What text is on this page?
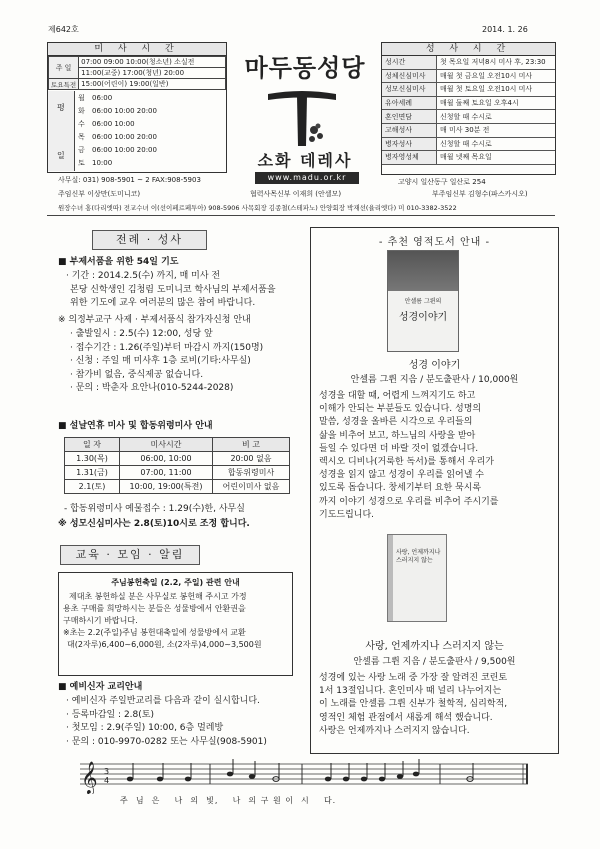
제642호	2014. 1. 26
미 사 시 간
주 일	07:00 09:00 10:00(청소년) 소실전
	11:00(교중) 17:00(청년) 20:00
토요특전	15:00(어린이) 19:00(일반)
평
일
월 06:00
화 06:00 10:00 20:00
수 06:00 10:00
목 06:00 10:00 20:00
금 06:00 10:00 20:00
토 10:00
마두동성당
소화 데레사
www.madu.or.kr
성 사 시 간
성시간	첫 목요일 저녁8시 미사 후, 23:30
성체신심미사	매월 첫 금요일 오전10시 미사
성모신심미사	매월 첫 토요일 오전10시 미사
유아세례	매월 둘째 토요일 오후4시
혼인면담	신청할 때 수시로
고해성사	매 미사 30분 전
병자성사	신청할 때 수시로
병자영성체	매월 넷째 목요일
사무실: 031) 908-5901 ~ 2 FAX:908-5903	고양시 일산동구 일산로 254
주임신부 이상만(도미니코)	협력사목신부 이재희 (안셀모)	부주임신부 김형수(파스카시오)
원장수녀 홍(다리엣따) 전교수녀 이(선이페르페투아) 908-5906 사목회장 김종철(스테파노) 안양회장 박재선(율리엣다) 미 010-3382-3522
전례 · 성사
■ 부제서품을 위한 54일 기도
· 기간 : 2014.2.5(수) 까지, 매 미사 전
본당 신학생인 김청림 도미니코 학사님의 부제서품을
위한 기도에 교우 여러분의 많은 참여 바랍니다.
※ 의정부교구 사제 · 부제서품식 참가자신청 안내
· 출발일시 : 2.5(수) 12:00, 성당 앞
· 접수기간 : 1.26(주일)부터 마감시 까지(150명)
· 신청 : 주일 매 미사후 1층 로비(기타:사무실)
· 참가비 없음, 중식제공 없습니다.
· 문의 : 박춘자 요안나(010-5244-2028)
■ 설날연휴 미사 및 합동위령미사 안내
일 자	미사시간	비 고
1.30(목)	06:00, 10:00	20:00 없음
1.31(금)	07:00, 11:00	합동위령미사
2.1(토)	10:00, 19:00(특전)	어린이미사 없음
- 합동위령미사 예물접수 : 1.29(수)한, 사무실
※ 성모신심미사는 2.8(토)10시로 조정 합니다.
교육 · 모임 · 알림
주님봉헌축일 (2.2, 주일) 관련 안내
제대초 봉헌하실 분은 사무실로 봉헌해 주시고 가정
용초 구매를 희망하시는 분들은 성물방에서 안환권을
구매하시기 바랍니다.
※초는 2.2(주일)주님 봉헌대축일에 성물방에서 교환
대(2자루)6,400~6,000원, 소(2자루)4,000~3,500원
■ 예비신자 교리안내
· 예비신자 주일반교리를 다음과 같이 실시합니다.
· 등록마감일 : 2.8(토)
· 첫모임 : 2.9(주일) 10:00, 6층 멀레방
· 문의 : 010-9970-0282 또는 사무실(908-5901)
- 추천 영적도서 안내 -
안셀름 그륀의
성경이야기
성경 이야기
안셀름 그륀 지음 / 분도출판사 / 10,000원
성경을 대할 때, 어렵게 느껴지기도 하고
이해가 안되는 부분들도 있습니다. 성명의
말씀, 성경을 올바른 시각으로 우리들의
삶을 비추어 보고, 하느님의 사랑을 받아
들일 수 있다면 더 바랄 것이 없겠습니다.
렉시오 디비나(거룩한 독서)를 통해서 우리가
성경을 읽지 않고 성경이 우리를 읽어낼 수
있도록 돕습니다. 창세기부터 요한 묵시록
까지 이야기 성경으로 우리를 비추어 주시기를
기도드립니다.
사랑, 언제까지나 스러지지 않는
사랑, 언제까지나 스러지지 않는
안셀름 그륀 지음 / 분도출판사 / 9,500원
성경에 있는 사랑 노래 중 가장 잘 알려진 코린토
1서 13절입니다. 혼인미사 때 널리 나누어지는
이 노래를 안셀름 그륀 신부가 철학적, 심리학적,
영적인 체험 관점에서 새롭게 해석 했습니다.
사랑은 언제까지나 스러지지 않습니다.
𝄞 3
4
주  님  은    나  의  빛,    나  의 구 원 이  시    다.
